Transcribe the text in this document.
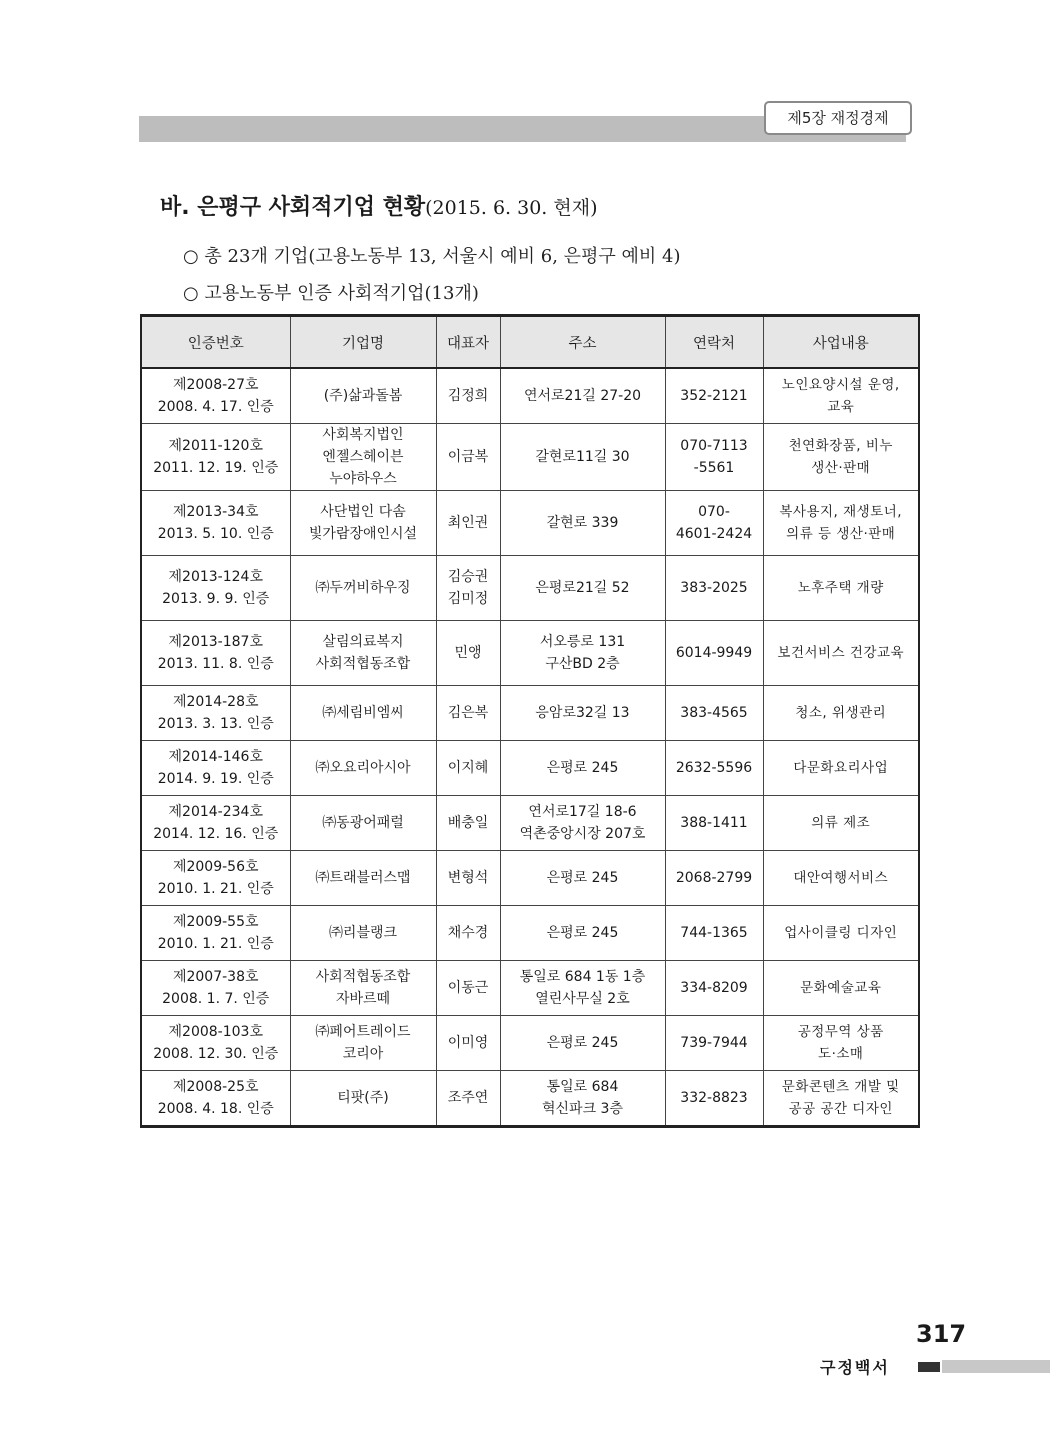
제5장 재정경제
바. 은평구 사회적기업 현황(2015. 6. 30. 현재)
○ 총 23개 기업(고용노동부 13, 서울시 예비 6, 은평구 예비 4)
○ 고용노동부 인증 사회적기업(13개)
인증번호	기업명	대표자	주소	연락처	사업내용
제2008-27호
2008. 4. 17. 인증	(주)삶과돌봄	김정희	연서로21길 27-20	352-2121	노인요양시설 운영,
교육
제2011-120호
2011. 12. 19. 인증	사회복지법인
엔젤스헤이븐
누야하우스	이금복	갈현로11길 30	070-7113
-5561	천연화장품, 비누
생산·판매
제2013-34호
2013. 5. 10. 인증	사단법인 다솜
빛가람장애인시설	최인권	갈현로 339	070-
4601-2424	복사용지, 재생토너,
의류 등 생산·판매
제2013-124호
2013. 9. 9. 인증	㈜두꺼비하우징	김승권
김미정	은평로21길 52	383-2025	노후주택 개량
제2013-187호
2013. 11. 8. 인증	살림의료복지
사회적협동조합	민앵	서오릉로 131
구산BD 2층	6014-9949	보건서비스 건강교육
제2014-28호
2013. 3. 13. 인증	㈜세림비엠씨	김은복	응암로32길 13	383-4565	청소, 위생관리
제2014-146호
2014. 9. 19. 인증	㈜오요리아시아	이지혜	은평로 245	2632-5596	다문화요리사업
제2014-234호
2014. 12. 16. 인증	㈜동광어패럴	배충일	연서로17길 18-6
역촌중앙시장 207호	388-1411	의류 제조
제2009-56호
2010. 1. 21. 인증	㈜트래블러스맵	변형석	은평로 245	2068-2799	대안여행서비스
제2009-55호
2010. 1. 21. 인증	㈜리블랭크	채수경	은평로 245	744-1365	업사이클링 디자인
제2007-38호
2008. 1. 7. 인증	사회적협동조합
자바르떼	이동근	통일로 684 1동 1층
열린사무실 2호	334-8209	문화예술교육
제2008-103호
2008. 12. 30. 인증	㈜페어트레이드
코리아	이미영	은평로 245	739-7944	공정무역 상품
도·소매
제2008-25호
2008. 4. 18. 인증	티팟(주)	조주연	통일로 684
혁신파크 3층	332-8823	문화콘텐츠 개발 및
공공 공간 디자인
317
구정백서
